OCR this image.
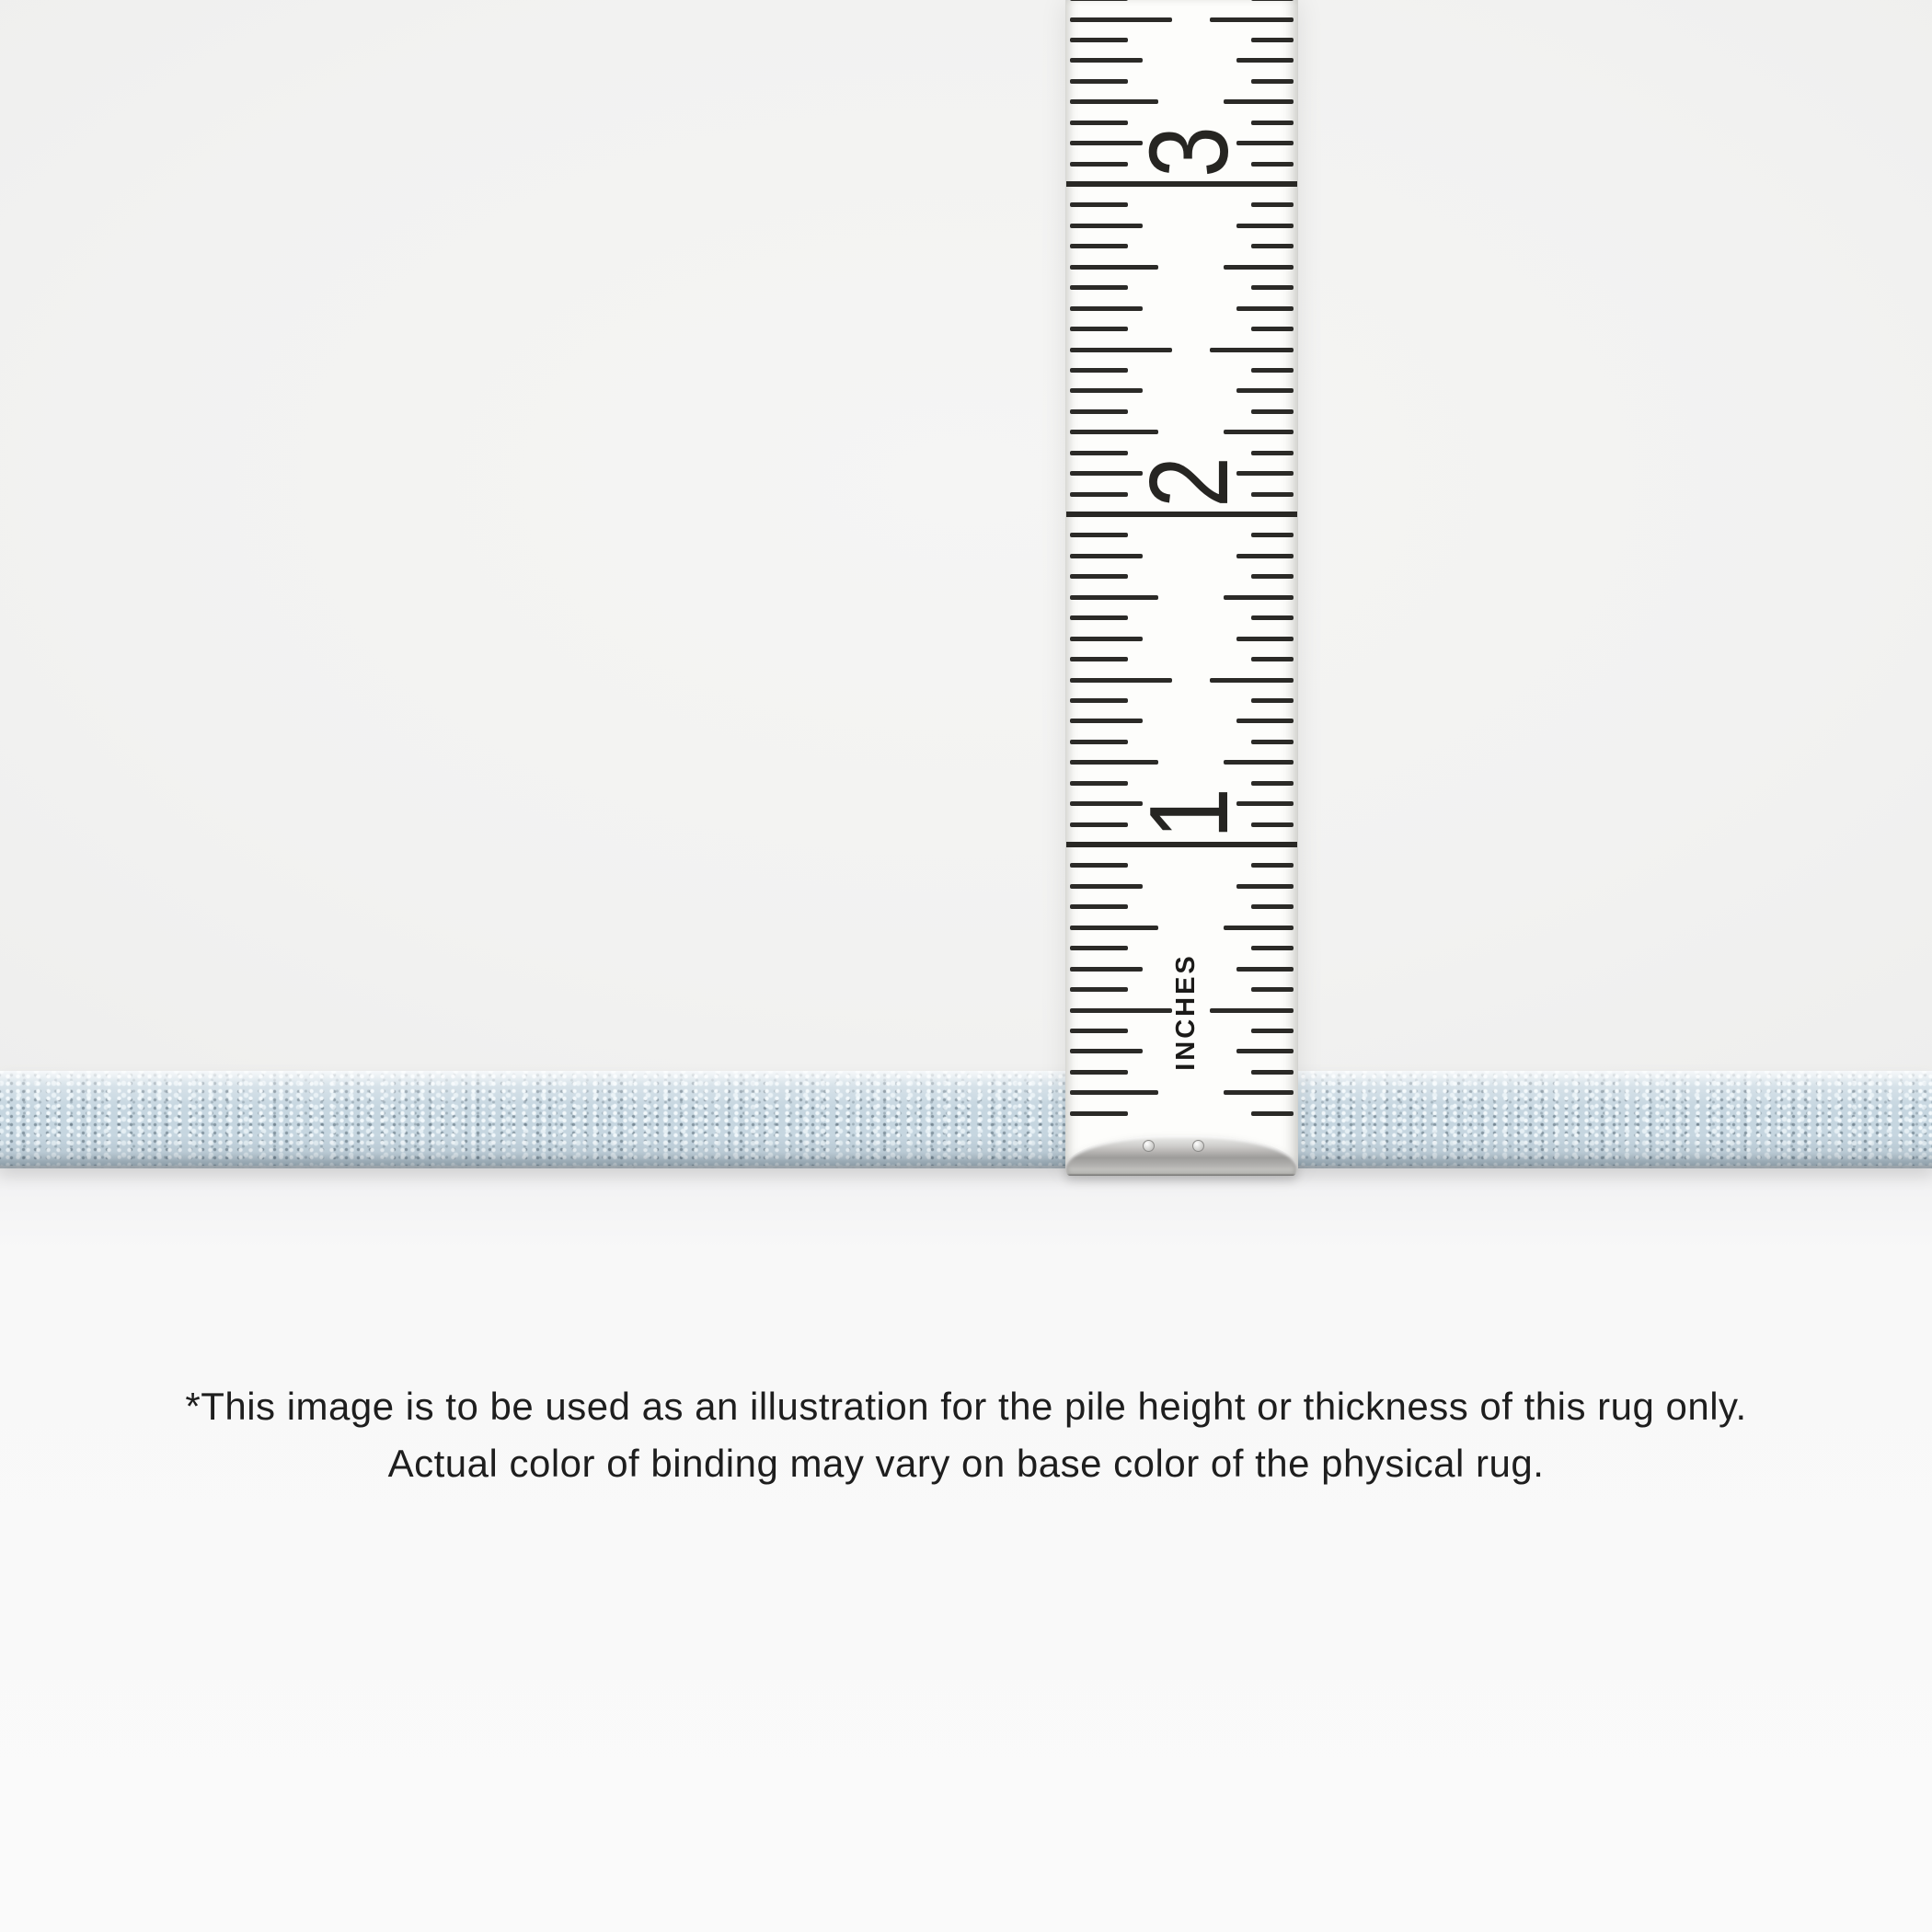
3
2
1
INCHES
*This image is to be used as an illustration for the pile height or thickness of this rug only.
Actual color of binding may vary on base color of the physical rug.
